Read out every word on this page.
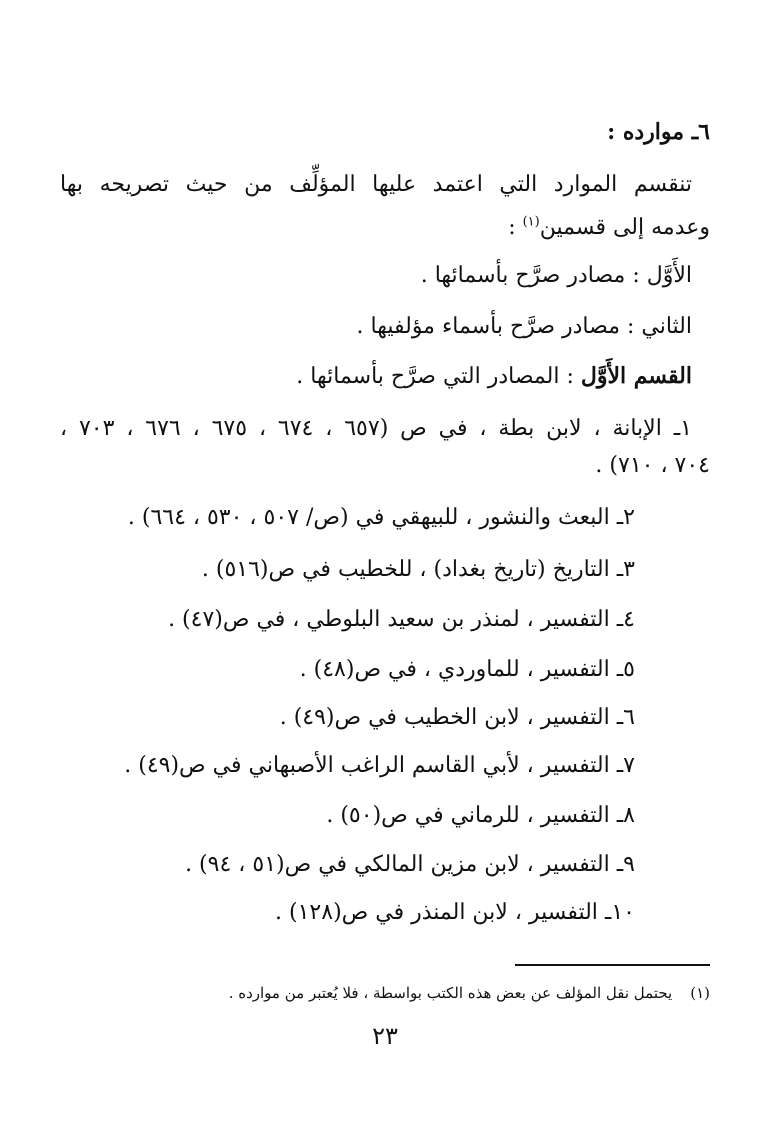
٦ـ موارده :
تنقسم الموارد التي اعتمد عليها المؤلِّف من حيث تصريحه بها
وعدمه إلى قسمين$^{(١)}$ :
الأَوَّل : مصادر صرَّح بأسمائها .
الثاني : مصادر صرَّح بأسماء مؤلفيها .
القسم الأَوَّل : المصادر التي صرَّح بأسمائها .
١ـ الإبانة ، لابن بطة ، في ص (٦٥٧ ، ٦٧٤ ، ٦٧٥ ، ٦٧٦ ، ٧٠٣ ،
٧٠٤ ، ٧١٠) .
٢ـ البعث والنشور ، للبيهقي في (ص/ ٥٠٧ ، ٥٣٠ ، ٦٦٤) .
٣ـ التاريخ (تاريخ بغداد) ، للخطيب في ص(٥١٦) .
٤ـ التفسير ، لمنذر بن سعيد البلوطي ، في ص(٤٧) .
٥ـ التفسير ، للماوردي ، في ص(٤٨) .
٦ـ التفسير ، لابن الخطيب في ص(٤٩) .
٧ـ التفسير ، لأبي القاسم الراغب الأصبهاني في ص(٤٩) .
٨ـ التفسير ، للرماني في ص(٥٠) .
٩ـ التفسير ، لابن مزين المالكي في ص(٥١ ، ٩٤) .
١٠ـ التفسير ، لابن المنذر في ص(١٢٨) .
(١)يحتمل نقل المؤلف عن بعض هذه الكتب بواسطة ، فلا يُعتبر من موارده .
٢٣
